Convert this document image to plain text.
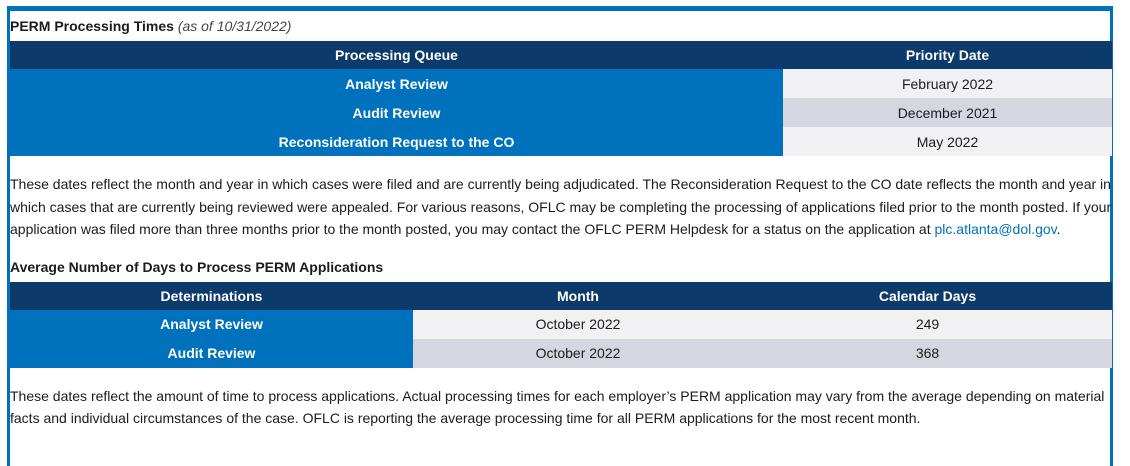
PERM Processing Times (as of 10/31/2022)
Processing Queue	Priority Date
Analyst Review	February 2022
Audit Review	December 2021
Reconsideration Request to the CO	May 2022

These dates reflect the month and year in which cases were filed and are currently being adjudicated. The Reconsideration Request to the CO date reflects the month and year in which cases that are currently being reviewed were appealed. For various reasons, OFLC may be completing the processing of applications filed prior to the month posted. If your application was filed more than three months prior to the month posted, you may contact the OFLC PERM Helpdesk for a status on the application at plc.atlanta@dol.gov.

Average Number of Days to Process PERM Applications
Determinations	Month	Calendar Days
Analyst Review	October 2022	249
Audit Review	October 2022	368

These dates reflect the amount of time to process applications. Actual processing times for each employer’s PERM application may vary from the average depending on material facts and individual circumstances of the case. OFLC is reporting the average processing time for all PERM applications for the most recent month.
